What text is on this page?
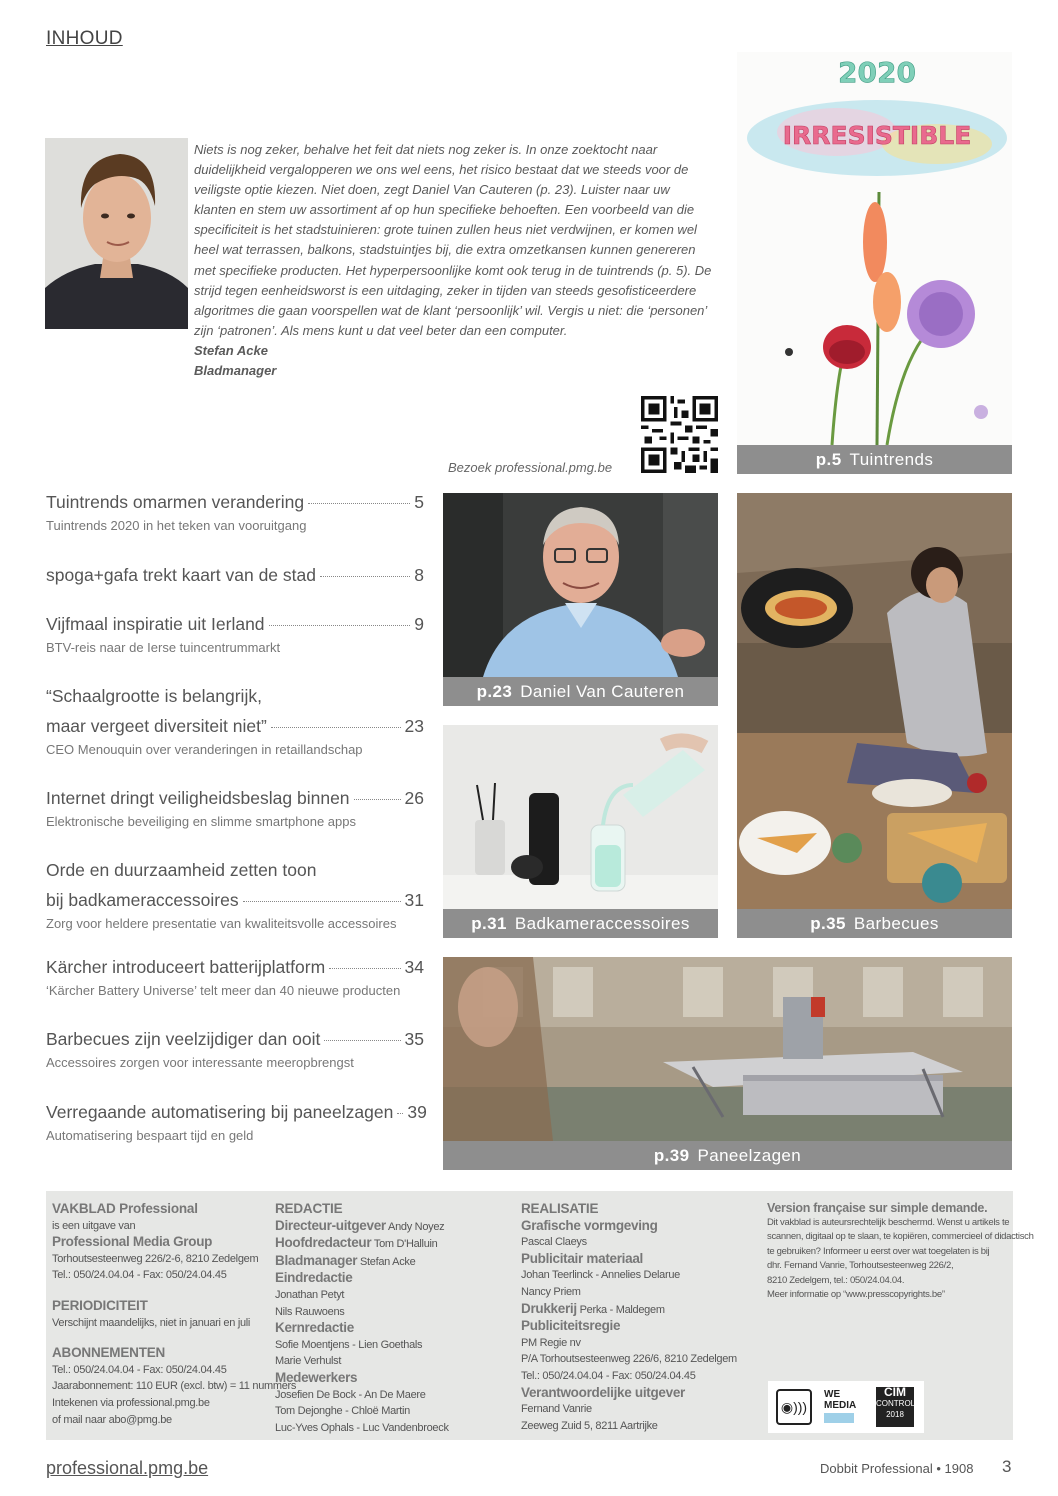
INHOUD
Niets is nog zeker, behalve het feit dat niets nog zeker is. In onze zoektocht naar duidelijkheid vergalopperen we ons wel eens, het risico bestaat dat we steeds voor de veiligste optie kiezen. Niet doen, zegt Daniel Van Cauteren (p. 23). Luister naar uw klanten en stem uw assortiment af op hun specifieke behoeften. Een voorbeeld van die specificiteit is het stadstuinieren: grote tuinen zullen heus niet verdwijnen, er komen wel heel wat terrassen, balkons, stadstuintjes bij, die extra omzetkansen kunnen genereren met specifieke producten. Het hyperpersoonlijke komt ook terug in de tuintrends (p. 5). De strijd tegen eenheidsworst is een uitdaging, zeker in tijden van steeds gesofisticeerdere algoritmes die gaan voorspellen wat de klant ‘persoonlijk’ wil. Vergis u niet: die ‘personen’ zijn ‘patronen’. Als mens kunt u dat veel beter dan een computer.
Stefan Acke
Bladmanager
Bezoek professional.pmg.be
2020
IRRESISTIBLE
p.5 Tuintrends
p.23 Daniel Van Cauteren
p.31 Badkameraccessoires	p.35 Barbecues
p.39 Paneelzagen
Tuintrends omarmen verandering	5
Tuintrends 2020 in het teken van vooruitgang
spoga+gafa trekt kaart van de stad	8
Vijfmaal inspiratie uit Ierland	9
BTV-reis naar de Ierse tuincentrummarkt
“Schaalgrootte is belangrijk,
maar vergeet diversiteit niet”	23
CEO Menouquin over veranderingen in retaillandschap
Internet dringt veiligheidsbeslag binnen	26
Elektronische beveiliging en slimme smartphone apps
Orde en duurzaamheid zetten toon
bij badkameraccessoires	31
Zorg voor heldere presentatie van kwaliteitsvolle accessoires
Kärcher introduceert batterijplatform	34
‘Kärcher Battery Universe’ telt meer dan 40 nieuwe producten
Barbecues zijn veelzijdiger dan ooit	35
Accessoires zorgen voor interessante meeropbrengst
Verregaande automatisering bij paneelzagen 39
Automatisering bespaart tijd en geld
VAKBLAD Professional
is een uitgave van
Professional Media Group
Torhoutsesteenweg 226/2-6, 8210 Zedelgem
Tel.: 050/24.04.04 - Fax: 050/24.04.45
PERIODICITEIT
Verschijnt maandelijks, niet in januari en juli
ABONNEMENTEN
Tel.: 050/24.04.04 - Fax: 050/24.04.45
Jaarabonnement: 110 EUR (excl. btw) = 11 nummers
Intekenen via professional.pmg.be
of mail naar abo@pmg.be
REDACTIE
Directeur-uitgever Andy Noyez
Hoofdredacteur Tom D'Halluin
Bladmanager Stefan Acke
Eindredactie
Jonathan Petyt
Nils Rauwoens
Kernredactie
Sofie Moentjens - Lien Goethals
Marie Verhulst
Medewerkers
Josefien De Bock - An De Maere
Tom Dejonghe - Chloë Martin
Luc-Yves Ophals - Luc Vandenbroeck
REALISATIE
Grafische vormgeving
Pascal Claeys
Publicitair materiaal
Johan Teerlinck - Annelies Delarue
Nancy Priem
Drukkerij Perka - Maldegem
Publiciteitsregie
PM Regie nv
P/A Torhoutsesteenweg 226/6, 8210 Zedelgem
Tel.: 050/24.04.04 - Fax: 050/24.04.45
Verantwoordelijke uitgever
Fernand Vanrie
Zeeweg Zuid 5, 8211 Aartrijke
Version française sur simple demande.
Dit vakblad is auteursrechtelijk beschermd. Wenst u artikels te
scannen, digitaal op te slaan, te kopiëren, commercieel of didactisch
te gebruiken? Informeer u eerst over wat toegelaten is bij
dhr. Fernand Vanrie, Torhoutsesteenweg 226/2,
8210 Zedelgem, tel.: 050/24.04.04.
Meer informatie op “www.presscopyrights.be”
◉)))
WE
MEDIA
CIM
CONTROLE
2018
professional.pmg.be	Dobbit Professional • 1908 3
